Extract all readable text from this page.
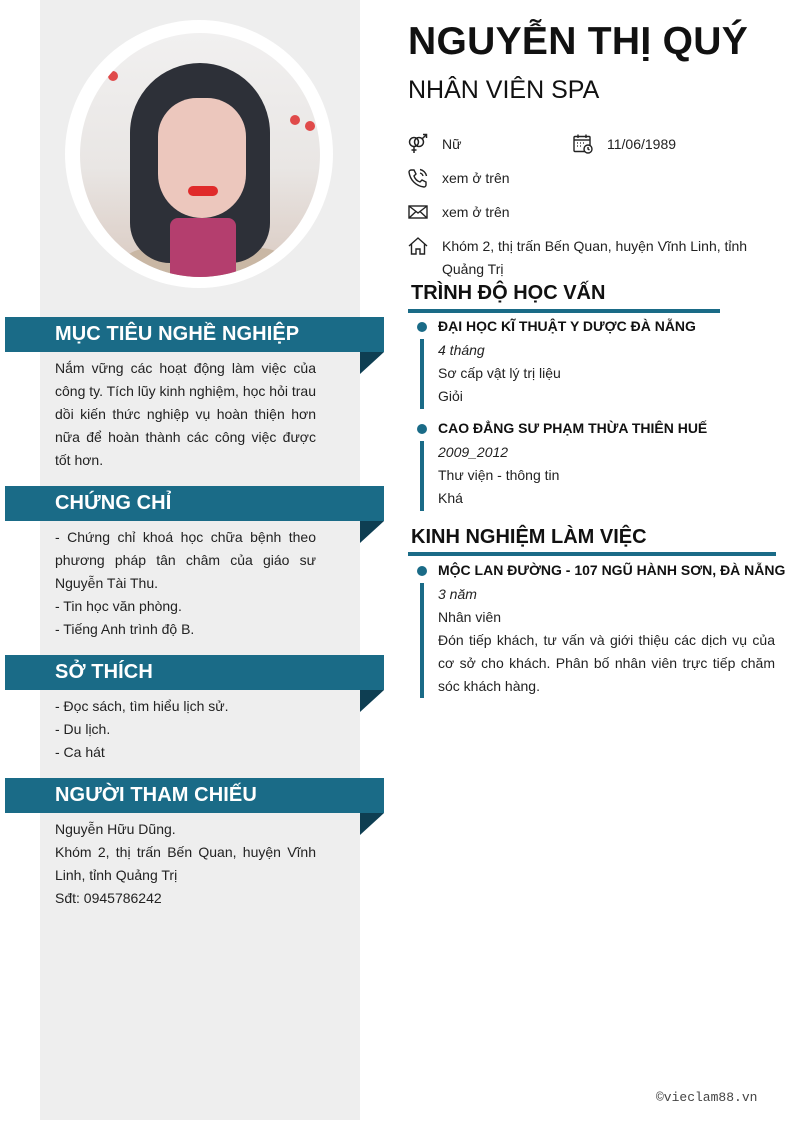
MỤC TIÊU NGHỀ NGHIỆP
Nắm vững các hoạt động làm việc của công ty. Tích lũy kinh nghiệm, học hỏi trau dồi kiến thức nghiệp vụ hoàn thiện hơn nữa để hoàn thành các công việc được tốt hơn.
CHỨNG CHỈ
- Chứng chỉ khoá học chữa bệnh theo phương pháp tân châm của giáo sư Nguyễn Tài Thu.
- Tin học văn phòng.
- Tiếng Anh trình độ B.
SỞ THÍCH
- Đọc sách, tìm hiểu lịch sử.
- Du lịch.
- Ca hát
NGƯỜI THAM CHIẾU
Nguyễn Hữu Dũng.
Khóm 2, thị trấn Bến Quan, huyện Vĩnh Linh, tỉnh Quảng Trị
Sđt: 0945786242
NGUYỄN THỊ QUÝ
NHÂN VIÊN SPA
Nữ	11/06/1989
xem ở trên
xem ở trên
Khóm 2, thị trấn Bến Quan, huyện Vĩnh Linh, tỉnh
Quảng Trị
TRÌNH ĐỘ HỌC VẤN
ĐẠI HỌC KĨ THUẬT Y DƯỢC ĐÀ NẴNG
4 tháng
Sơ cấp vật lý trị liệu
Giỏi
CAO ĐẲNG SƯ PHẠM THỪA THIÊN HUẾ
2009_2012
Thư viện - thông tin
Khá
KINH NGHIỆM LÀM VIỆC
MỘC LAN ĐƯỜNG - 107 NGŨ HÀNH SƠN, ĐÀ NẴNG
3 năm
Nhân viên
Đón tiếp khách, tư vấn và giới thiệu các dịch vụ của cơ sở cho khách. Phân bố nhân viên trực tiếp chăm sóc khách hàng.
©vieclam88.vn
